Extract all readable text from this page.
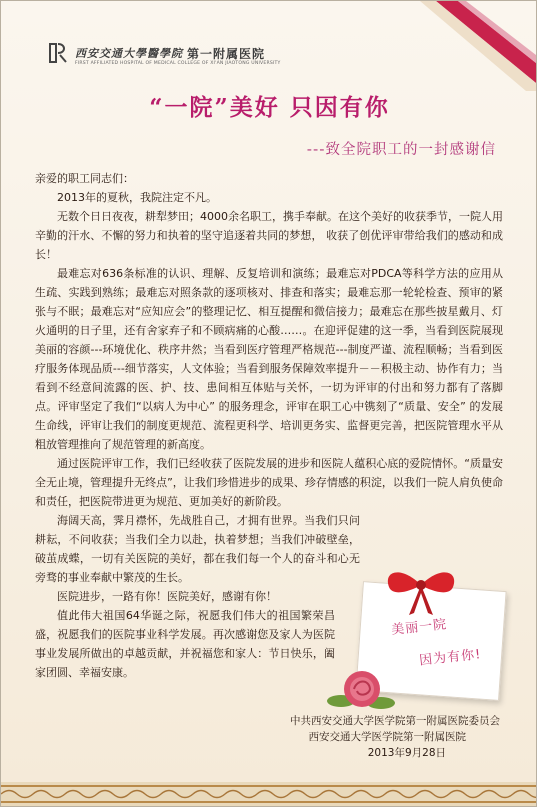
西安交通大學醫學院 第一附属医院
FIRST AFFILIATED HOSPITAL OF MEDICAL COLLEGE OF XI'AN JIAOTONG UNIVERSITY
“一院”美好 只因有你
---致全院职工的一封感谢信

亲爱的职工同志们：

2013年的夏秋，我院注定不凡。

无数个日日夜夜，耕犁梦田；4000余名职工，携手奉献。在这个美好的收获季节，一院人用辛勤的汗水、不懈的努力和执着的坚守追逐着共同的梦想， 收获了创优评审带给我们的感动和成长！

最难忘对636条标准的认识、理解、反复培训和演练；最难忘对PDCA等科学方法的应用从生疏、实践到熟练；最难忘对照条款的逐项核对、排查和落实；最难忘那一轮轮检查、预审的紧张与不眠；最难忘对“应知应会”的整理记忆、相互提醒和微信接力；最难忘在那些披星戴月、灯火通明的日子里，还有舍家弃子和不顾病痛的心酸……。在迎评促建的这一季，当看到医院展现美丽的容颜---环境优化、秩序井然；当看到医疗管理严格规范---制度严谨、流程顺畅；当看到医疗服务体现品质---细节落实，人文体验；当看到服务保障效率提升－－积极主动、协作有力；当看到不经意间流露的医、护、技、患间相互体贴与关怀，一切为评审的付出和努力都有了落脚点。评审坚定了我们“以病人为中心” 的服务理念，评审在职工心中镌刻了“质量、安全” 的发展生命线，评审让我们的制度更规范、流程更科学、培训更务实、监督更完善，把医院管理水平从粗放管理推向了规范管理的新高度。

通过医院评审工作，我们已经收获了医院发展的进步和医院人蕴积心底的爱院情怀。“质量安全无止境，管理提升无终点”，让我们珍惜进步的成果、珍存情感的积淀，以我们一院人肩负使命和责任，把医院带进更为规范、更加美好的新阶段。

海阔天高，霁月襟怀，先战胜自己，才拥有世界。当我们只问耕耘，不问收获；当我们全力以赴，执着梦想；当我们冲破壁垒，破茧成蝶，一切有关医院的美好，都在我们每一个人的奋斗和心无旁骛的事业奉献中繁茂的生长。

医院进步，一路有你！医院美好，感谢有你！

值此伟大祖国64华诞之际，祝愿我们伟大的祖国繁荣昌盛，祝愿我们的医院事业科学发展。再次感谢您及家人为医院事业发展所做出的卓越贡献，并祝福您和家人：节日快乐，阖家团圆、幸福安康。

美丽一院
因为有你!
中共西安交通大学医学院第一附属医院委员会
西安交通大学医学院第一附属医院
2013年9月28日
